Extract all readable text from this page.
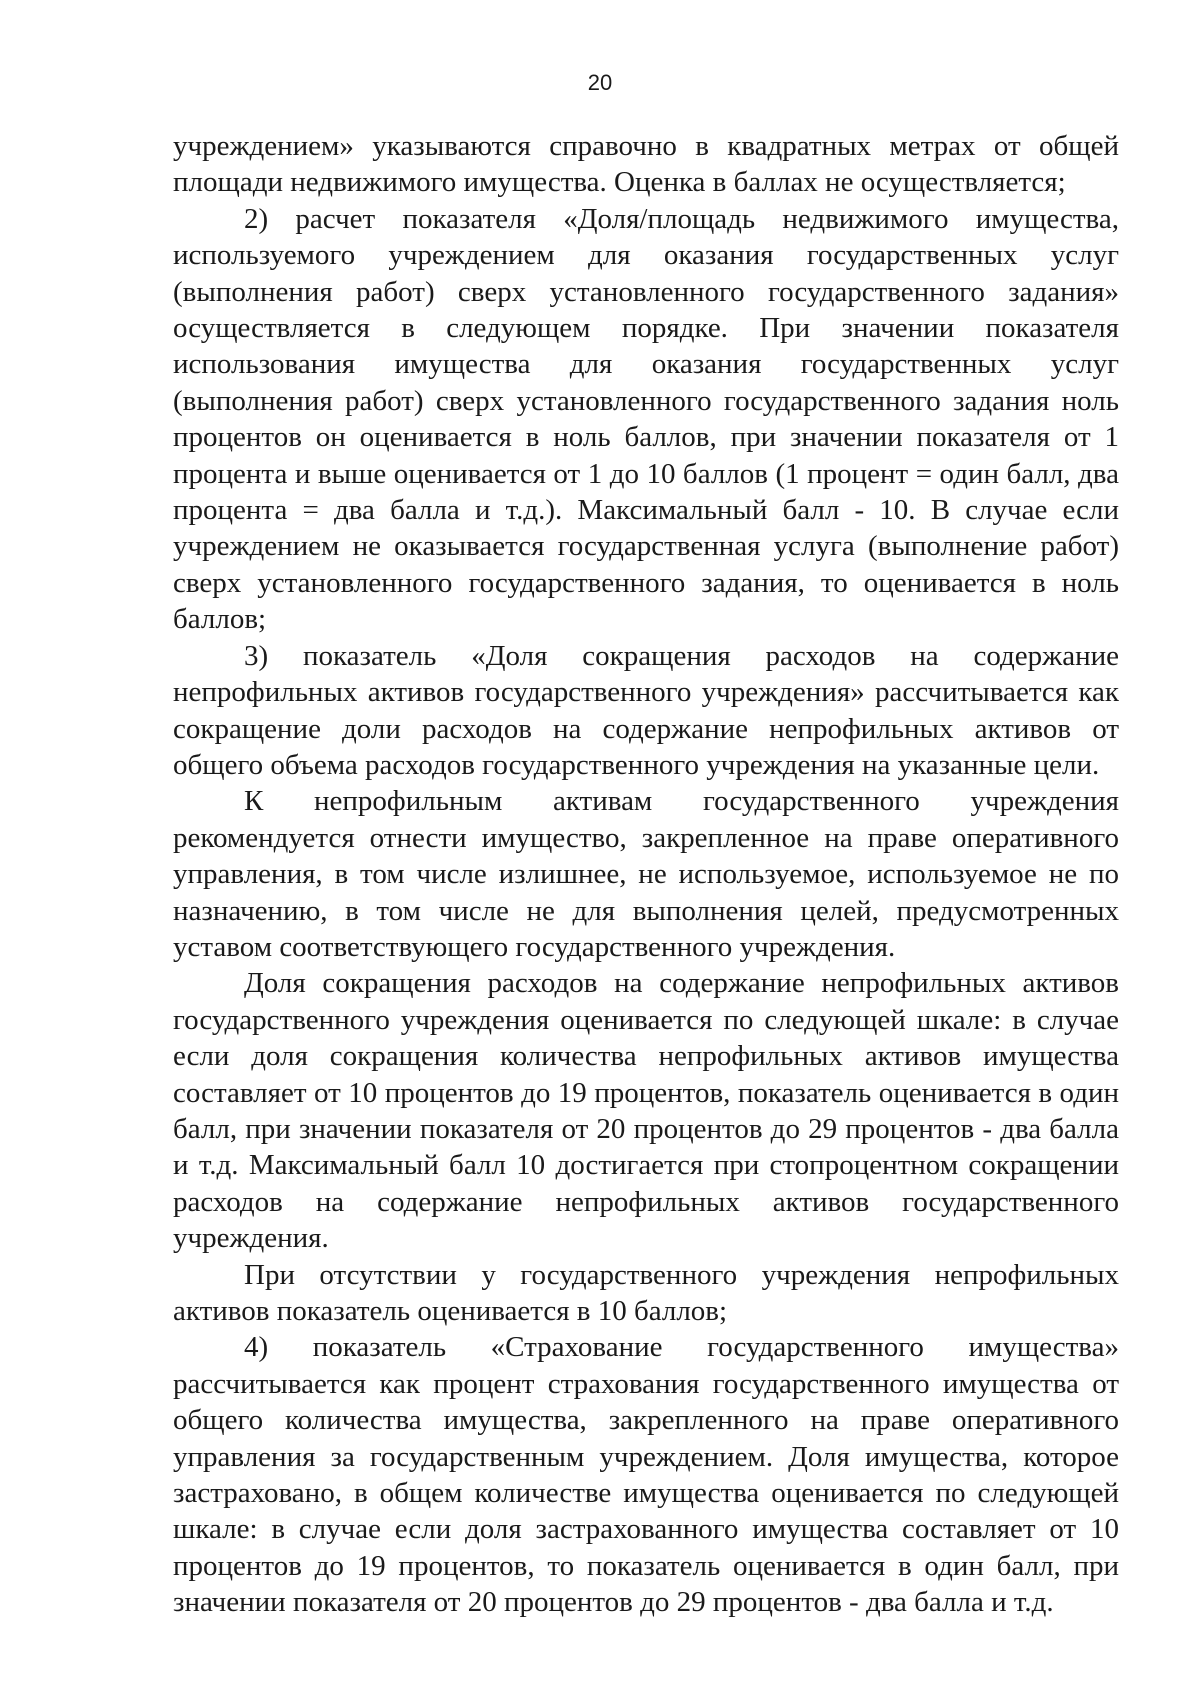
20

учреждением» указываются справочно в квадратных метрах от общей площади недвижимого имущества. Оценка в баллах не осуществляется;

2) расчет показателя «Доля/площадь недвижимого имущества, используемого учреждением для оказания государственных услуг (выполнения работ) сверх установленного государственного задания» осуществляется в следующем порядке. При значении показателя использования имущества для оказания государственных услуг (выполнения работ) сверх установленного государственного задания ноль процентов он оценивается в ноль баллов, при значении показателя от 1 процента и выше оценивается от 1 до 10 баллов (1 процент = один балл, два процента = два балла и т.д.). Максимальный балл - 10. В случае если учреждением не оказывается государственная услуга (выполнение работ) сверх установленного государственного задания, то оценивается в ноль баллов;

3) показатель «Доля сокращения расходов на содержание непрофильных активов государственного учреждения» рассчитывается как сокращение доли расходов на содержание непрофильных активов от общего объема расходов государственного учреждения на указанные цели.

К непрофильным активам государственного учреждения рекомендуется отнести имущество, закрепленное на праве оперативного управления, в том числе излишнее, не используемое, используемое не по назначению, в том числе не для выполнения целей, предусмотренных уставом соответствующего государственного учреждения.

Доля сокращения расходов на содержание непрофильных активов государственного учреждения оценивается по следующей шкале: в случае если доля сокращения количества непрофильных активов имущества составляет от 10 процентов до 19 процентов, показатель оценивается в один балл, при значении показателя от 20 процентов до 29 процентов - два балла и т.д. Максимальный балл 10 достигается при стопроцентном сокращении расходов на содержание непрофильных активов государственного учреждения.

При отсутствии у государственного учреждения непрофильных активов показатель оценивается в 10 баллов;

4) показатель «Страхование государственного имущества» рассчитывается как процент страхования государственного имущества от общего количества имущества, закрепленного на праве оперативного управления за государственным учреждением. Доля имущества, которое застраховано, в общем количестве имущества оценивается по следующей шкале: в случае если доля застрахованного имущества составляет от 10 процентов до 19 процентов, то показатель оценивается в один балл, при значении показателя от 20 процентов до 29 процентов - два балла и т.д.
